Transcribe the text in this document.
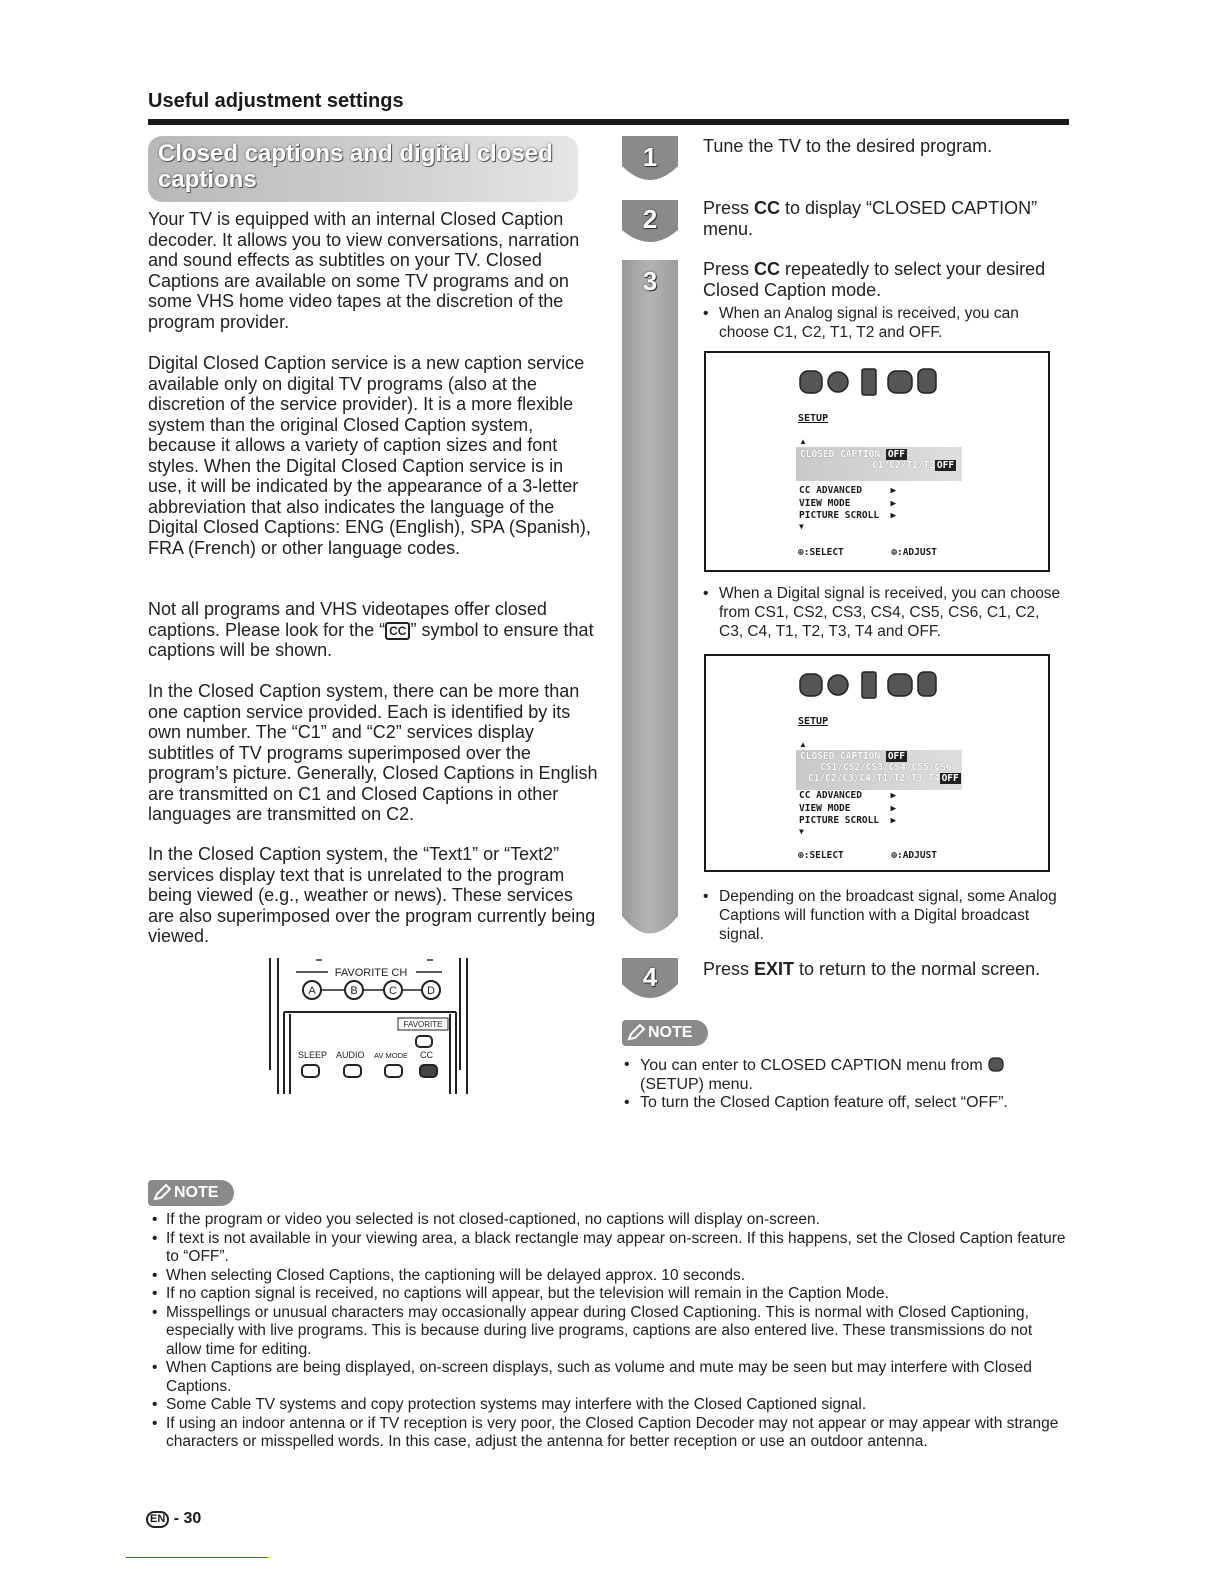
Useful adjustment settings
Closed captions and digital closed
captions

Your TV is equipped with an internal Closed Caption decoder. It allows you to view conversations, narration and sound effects as subtitles on your TV. Closed Captions are available on some TV programs and on some VHS home video tapes at the discretion of the program provider.

Digital Closed Caption service is a new caption service available only on digital TV programs (also at the discretion of the service provider). It is a more flexible system than the original Closed Caption system, because it allows a variety of caption sizes and font styles. When the Digital Closed Caption service is in use, it will be indicated by the appearance of a 3-letter abbreviation that also indicates the language of the Digital Closed Captions: ENG (English), SPA (Spanish), FRA (French) or other language codes.

Not all programs and VHS videotapes offer closed captions. Please look for the “ CC ” symbol to ensure that captions will be shown.

In the Closed Caption system, there can be more than one caption service provided. Each is identified by its own number. The “C1” and “C2” services display subtitles of TV programs superimposed over the program’s picture. Generally, Closed Captions in English are transmitted on C1 and Closed Captions in other languages are transmitted on C2.

In the Closed Caption system, the “Text1” or “Text2” services display text that is unrelated to the program being viewed (e.g., weather or news). These services are also superimposed over the program currently being viewed.

FAVORITE CH
A	B	C	D
FAVORITE
SLEEP AUDIO AV MODE CC
1
2
3
4
Tune the TV to the desired program.
Press CC to display “CLOSED CAPTION” menu.
Press CC repeatedly to select your desired Closed Caption mode.
• When an Analog signal is received, you can choose C1, C2, T1, T2 and OFF.
SETUP
▲
CLOSED CAPTION OFF
C1/C2/T1/T2 OFF
CC ADVANCED     ▶
VIEW MODE       ▶
PICTURE SCROLL  ▶
▼
⊕:SELECT	⊕:ADJUST
• When a Digital signal is received, you can choose from CS1, CS2, CS3, CS4, CS5, CS6, C1, C2, C3, C4, T1, T2, T3, T4 and OFF.
SETUP
▲
CLOSED CAPTION OFF
CS1/CS2/CS3/CS4/CS5/CS6
C1/C2/C3/C4/T1/T2/T3/T4 OFF
CC ADVANCED     ▶
VIEW MODE       ▶
PICTURE SCROLL  ▶
▼
⊕:SELECT	⊕:ADJUST
• Depending on the broadcast signal, some Analog Captions will function with a Digital broadcast signal.
Press EXIT to return to the normal screen.
NOTE
• You can enter to CLOSED CAPTION menu from
(SETUP) menu.
• To turn the Closed Caption feature off, select “OFF”.
NOTE
• If the program or video you selected is not closed-captioned, no captions will display on-screen.
• If text is not available in your viewing area, a black rectangle may appear on-screen. If this happens, set the Closed Caption feature to “OFF”.
• When selecting Closed Captions, the captioning will be delayed approx. 10 seconds.
• If no caption signal is received, no captions will appear, but the television will remain in the Caption Mode.
• Misspellings or unusual characters may occasionally appear during Closed Captioning. This is normal with Closed Captioning, especially with live programs. This is because during live programs, captions are also entered live. These transmissions do not allow time for editing.
• When Captions are being displayed, on-screen displays, such as volume and mute may be seen but may interfere with Closed Captions.
• Some Cable TV systems and copy protection systems may interfere with the Closed Captioned signal.
• If using an indoor antenna or if TV reception is very poor, the Closed Caption Decoder may not appear or may appear with strange characters or misspelled words. In this case, adjust the antenna for better reception or use an outdoor antenna.
EN - 30
